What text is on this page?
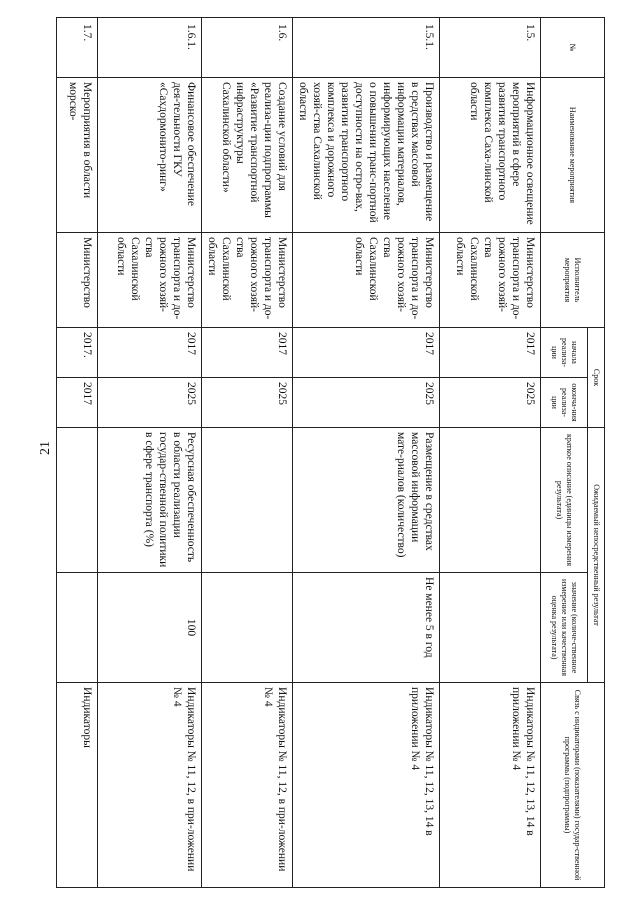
21
№	Наименование мероприятия	Исполнитель мероприятия	Срок		Ожидаемый непосредственный результат		Связь с индикаторами (показателями) государ-ственной программы (подпрограммы)
			начала реализа-ции	оконча-ния реализа-ции	краткое описание (единицы измерения результата)	значение (количе-ственное измерение или качественная оценка результата)	
1.5.	Информационное освещение мероприятий в сфере развития транспортного комплекса Саха-линской области	Министерство транспорта и до-рожного хозяй-ства Сахалинской области	2017	2025			Индикаторы № 11, 12, 13, 14 в приложении № 4
1.5.1.	Производство и размещение в средствах массовой информации материалов, информирующих население о повышении транс-портной доступности на остро-вах, развитии транспортного комплекса и дорожного хозяй-ства Сахалинской области	Министерство транспорта и до-рожного хозяй-ства Сахалинской области	2017	2025	Размещение в средствах массовой информации мате-риалов (количество)	Не менее 5 в год	Индикаторы № 11, 12, 13, 14 в приложении № 4
1.6.	Создание условий для реализа-ции подпрограммы «Развитие транспортной инфраструктуры Сахалинской области»	Министерство транспорта и до-рожного хозяй-ства Сахалинской области	2017	2025			Индикаторы № 11, 12, в при-ложении № 4
1.6.1.	Финансовое обеспечение дея-тельности ГКУ «Сахдормонито-ринг»	Министерство транспорта и до-рожного хозяй-ства Сахалинской области	2017	2025	Ресурсная обеспеченность в области реализации государ-ственной политики в сфере транспорта (%)	100	Индикаторы № 11, 12, в при-ложении № 4
1.7.	Мероприятия в области морско-	Министерство	2017.	2017			Индикаторы
